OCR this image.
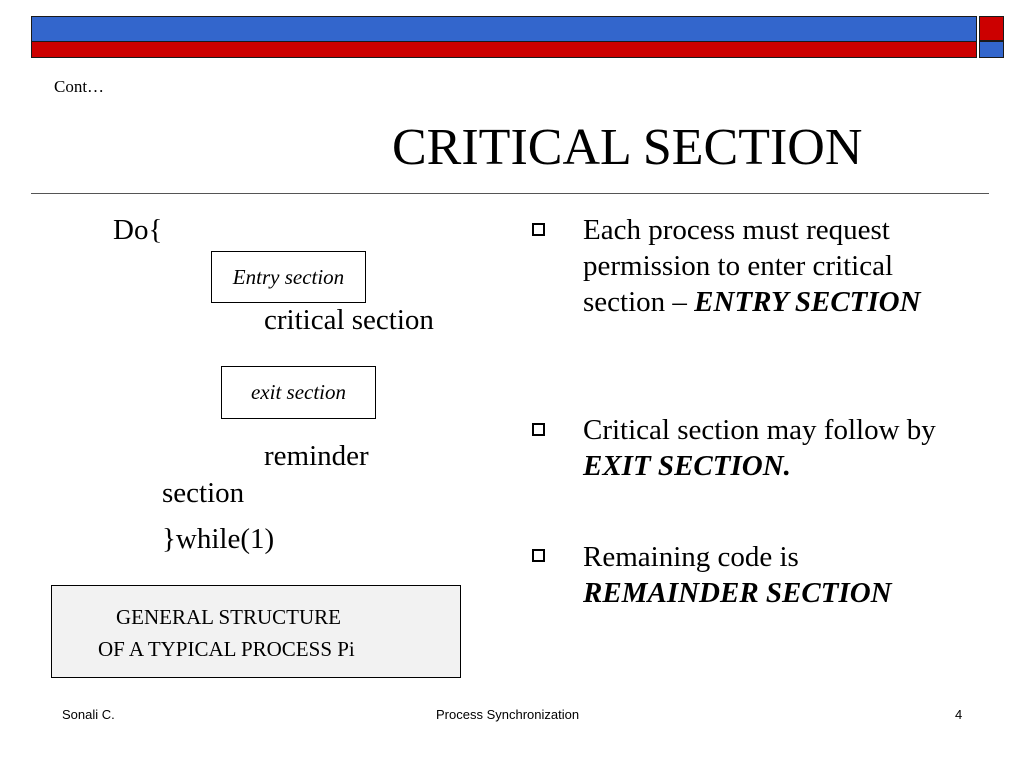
Cont…
CRITICAL SECTION
Do{
Entry section
critical section
exit section
reminder
section
}while(1)
GENERAL STRUCTURE
OF A TYPICAL PROCESS Pi
Each process must request permission to enter critical section – ENTRY SECTION
Critical section may follow by EXIT SECTION.
Remaining code is REMAINDER SECTION
Sonali C.	Process Synchronization	4
